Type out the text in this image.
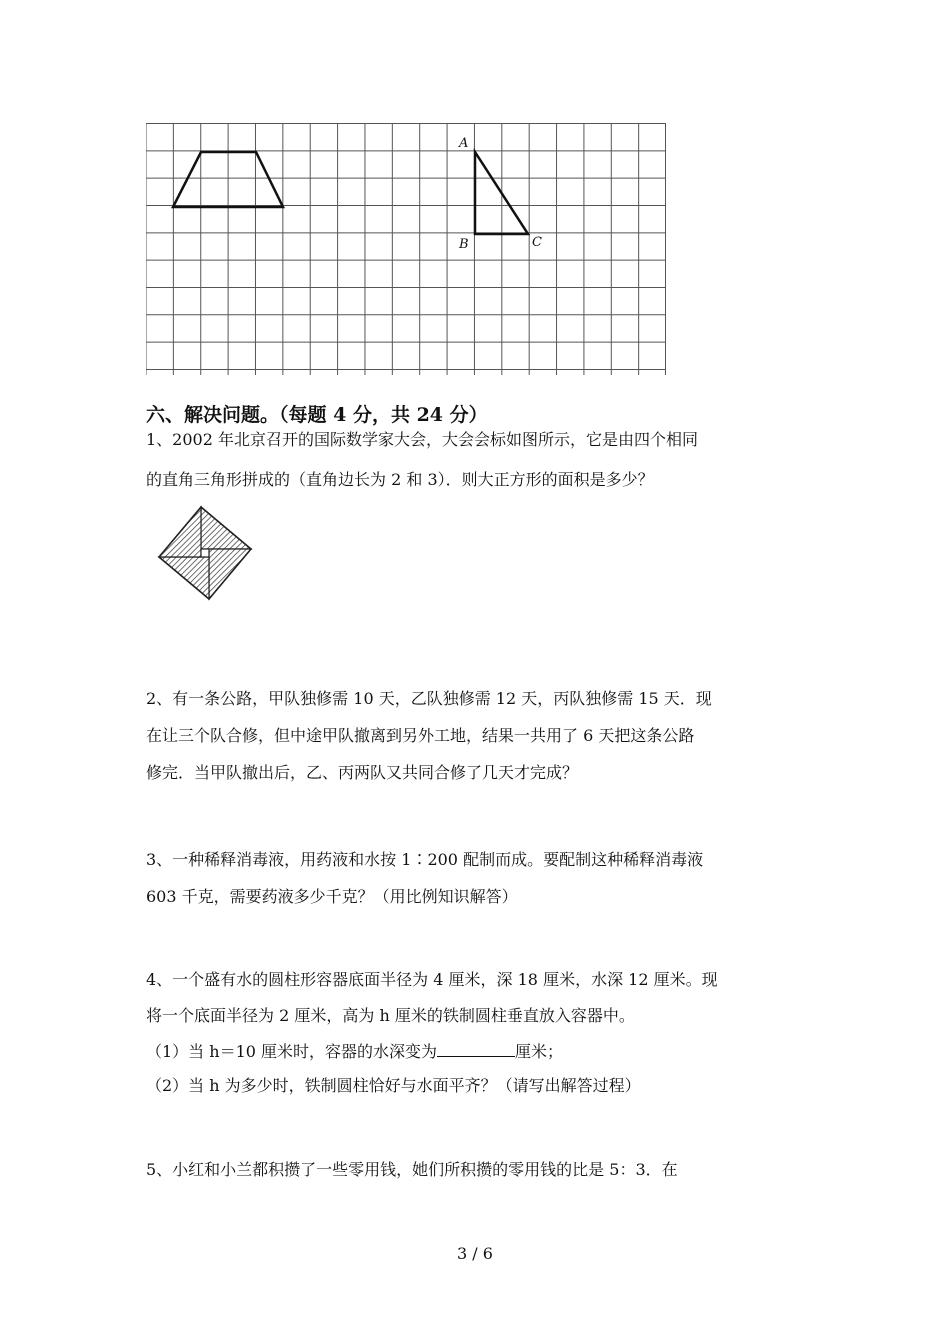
A
B	C
六、解决问题。（每题 4 分，共 24 分）
1、2002 年北京召开的国际数学家大会，大会会标如图所示，它是由四个相同
的直角三角形拼成的（直角边长为 2 和 3）．则大正方形的面积是多少？
2、有一条公路，甲队独修需 10 天，乙队独修需 12 天，丙队独修需 15 天．现
在让三个队合修，但中途甲队撤离到另外工地，结果一共用了 6 天把这条公路
修完．当甲队撤出后，乙、丙两队又共同合修了几天才完成？
3、一种稀释消毒液，用药液和水按 1∶200 配制而成。要配制这种稀释消毒液
603 千克，需要药液多少千克？（用比例知识解答）
4、一个盛有水的圆柱形容器底面半径为 4 厘米，深 18 厘米，水深 12 厘米。现
将一个底面半径为 2 厘米，高为 h 厘米的铁制圆柱垂直放入容器中。
（1）当 h＝10 厘米时，容器的水深变为	厘米；
（2）当 h 为多少时，铁制圆柱恰好与水面平齐？（请写出解答过程）
5、小红和小兰都积攒了一些零用钱，她们所积攒的零用钱的比是 5：3．在
3 / 6
